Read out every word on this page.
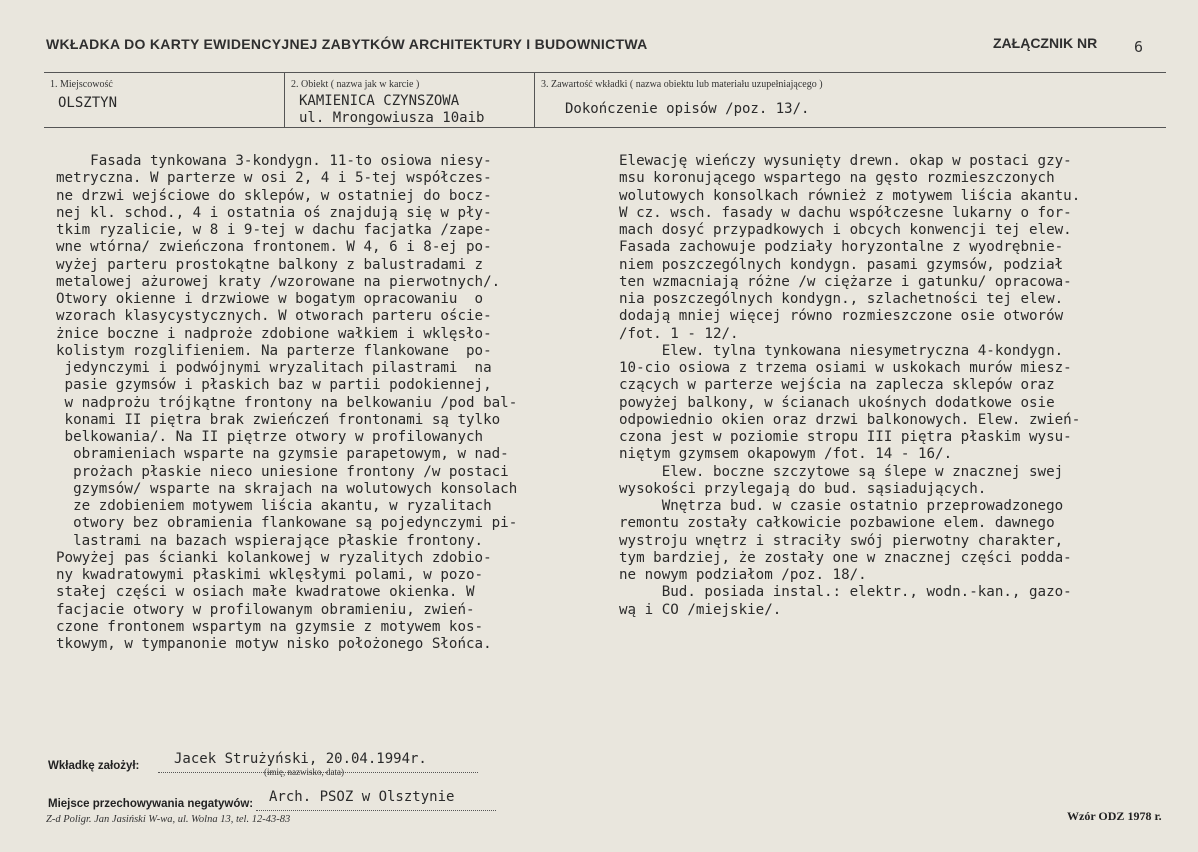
WKŁADKA DO KARTY EWIDENCYJNEJ ZABYTKÓW ARCHITEKTURY I BUDOWNICTWA	ZAŁĄCZNIK NR 6
1. Miejscowość
OLSZTYN
2. Obiekt ( nazwa jak w karcie )
KAMIENICA CZYNSZOWA
ul. Mrongowiusza 10aib
3. Zawartość wkładki ( nazwa obiektu lub materiału uzupełniającego )
Dokończenie opisów /poz. 13/.
Fasada tynkowana 3-kondygn. 11-to osiowa niesy-
metryczna. W parterze w osi 2, 4 i 5-tej współczes-
ne drzwi wejściowe do sklepów, w ostatniej do bocz-
nej kl. schod., 4 i ostatnia oś znajdują się w pły-
tkim ryzalicie, w 8 i 9-tej w dachu facjatka /zape-
wne wtórna/ zwieńczona frontonem. W 4, 6 i 8-ej po-
wyżej parteru prostokątne balkony z balustradami z
metalowej ażurowej kraty /wzorowane na pierwotnych/.
Otwory okienne i drzwiowe w bogatym opracowaniu  o
wzorach klasycystycznych. W otworach parteru oście-
żnice boczne i nadproże zdobione wałkiem i wklęsło-
kolistym rozglifieniem. Na parterze flankowane  po-
jedynczymi i podwójnymi wryzalitach pilastrami  na
pasie gzymsów i płaskich baz w partii podokiennej,
w nadprożu trójkątne frontony na belkowaniu /pod bal-
konami II piętra brak zwieńczeń frontonami są tylko
belkowania/. Na II piętrze otwory w profilowanych
obramieniach wsparte na gzymsie parapetowym, w nad-
prożach płaskie nieco uniesione frontony /w postaci
gzymsów/ wsparte na skrajach na wolutowych konsolach
ze zdobieniem motywem liścia akantu, w ryzalitach
otwory bez obramienia flankowane są pojedynczymi pi-
lastrami na bazach wspierające płaskie frontony.
Powyżej pas ścianki kolankowej w ryzalitych zdobio-
ny kwadratowymi płaskimi wklęsłymi polami, w pozo-
stałej części w osiach małe kwadratowe okienka. W
facjacie otwory w profilowanym obramieniu, zwień-
czone frontonem wspartym na gzymsie z motywem kos-
tkowym, w tympanonie motyw nisko położonego Słońca.
Elewację wieńczy wysunięty drewn. okap w postaci gzy-
msu koronującego wspartego na gęsto rozmieszczonych
wolutowych konsolkach również z motywem liścia akantu.
W cz. wsch. fasady w dachu współczesne lukarny o for-
mach dosyć przypadkowych i obcych konwencji tej elew.
Fasada zachowuje podziały horyzontalne z wyodrębnie-
niem poszczególnych kondygn. pasami gzymsów, podział
ten wzmacniają różne /w ciężarze i gatunku/ opracowa-
nia poszczególnych kondygn., szlachetności tej elew.
dodają mniej więcej równo rozmieszczone osie otworów
/fot. 1 - 12/.
Elew. tylna tynkowana niesymetryczna 4-kondygn.
10-cio osiowa z trzema osiami w uskokach murów miesz-
czących w parterze wejścia na zaplecza sklepów oraz
powyżej balkony, w ścianach ukośnych dodatkowe osie
odpowiednio okien oraz drzwi balkonowych. Elew. zwień-
czona jest w poziomie stropu III piętra płaskim wysu-
niętym gzymsem okapowym /fot. 14 - 16/.
Elew. boczne szczytowe są ślepe w znacznej swej
wysokości przylegają do bud. sąsiadujących.
Wnętrza bud. w czasie ostatnio przeprowadzonego
remontu zostały całkowicie pozbawione elem. dawnego
wystroju wnętrz i straciły swój pierwotny charakter,
tym bardziej, że zostały one w znacznej części podda-
ne nowym podziałom /poz. 18/.
Bud. posiada instal.: elektr., wodn.-kan., gazo-
wą i CO /miejskie/.
Wkładkę założył: Jacek Strużyński, 20.04.1994r.
(imię, nazwisko, data)
Miejsce przechowywania negatywów: Arch. PSOZ w Olsztynie
Z-d Poligr. Jan Jasiński W-wa, ul. Wolna 13, tel. 12-43-83	Wzór ODZ 1978 r.
